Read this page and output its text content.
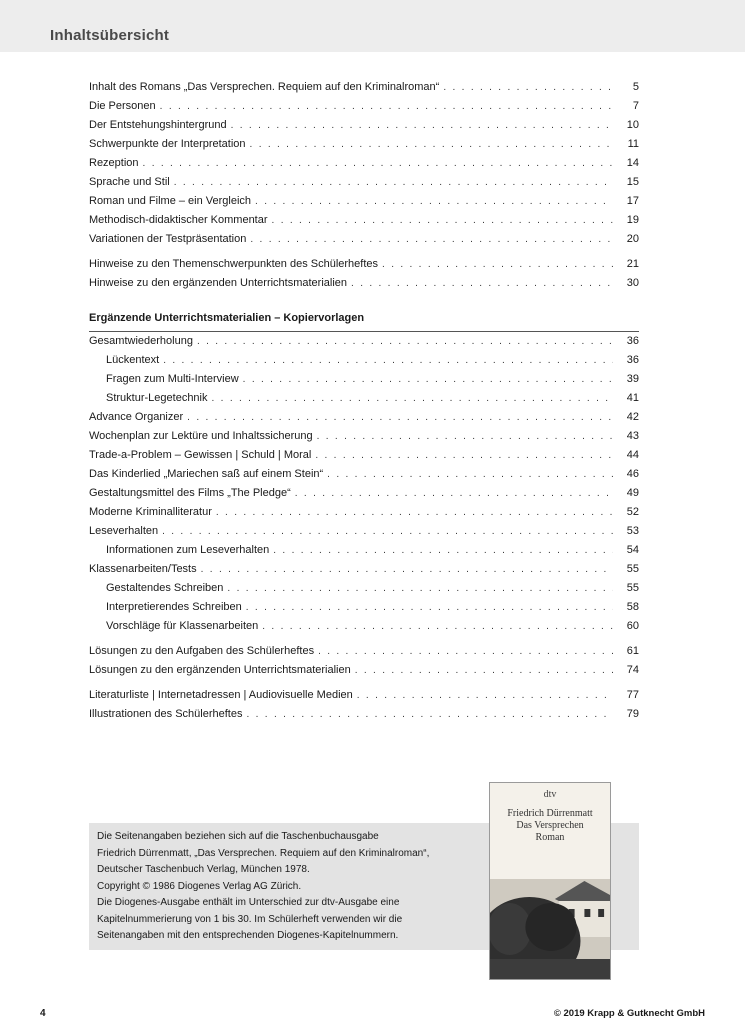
Inhaltsübersicht
Inhalt des Romans „Das Versprechen. Requiem auf den Kriminalroman“ . . .	5
Die Personen . . .	7
Der Entstehungshintergrund . . .	10
Schwerpunkte der Interpretation . . .	11
Rezeption . . .	14
Sprache und Stil . . .	15
Roman und Filme – ein Vergleich . . .	17
Methodisch-didaktischer Kommentar . . .	19
Variationen der Testpräsentation . . .	20
Hinweise zu den Themenschwerpunkten des Schülerheftes . . .	21
Hinweise zu den ergänzenden Unterrichtsmaterialien . . .	30
Ergänzende Unterrichtsmaterialien – Kopiervorlagen
Gesamtwiederholung . . .	36
Lückentext . . .	36
Fragen zum Multi-Interview . . .	39
Struktur-Legetechnik . . .	41
Advance Organizer . . .	42
Wochenplan zur Lektüre und Inhaltssicherung . . .	43
Trade-a-Problem – Gewissen | Schuld | Moral . . .	44
Das Kinderlied „Mariechen saß auf einem Stein“ . . .	46
Gestaltungsmittel des Films „The Pledge“ . . .	49
Moderne Kriminalliteratur . . .	52
Leseverhalten . . .	53
Informationen zum Leseverhalten . . .	54
Klassenarbeiten/Tests . . .	55
Gestaltendes Schreiben . . .	55
Interpretierendes Schreiben . . .	58
Vorschläge für Klassenarbeiten . . .	60
Lösungen zu den Aufgaben des Schülerheftes . . .	61
Lösungen zu den ergänzenden Unterrichtsmaterialien . . .	74
Literaturliste | Internetadressen | Audiovisuelle Medien . . .	77
Illustrationen des Schülerheftes . . .	79
Die Seitenangaben beziehen sich auf die Taschenbuchausgabe
Friedrich Dürrenmatt, „Das Versprechen. Requiem auf den Kriminalroman“,
Deutscher Taschenbuch Verlag, München 1978.
Copyright © 1986 Diogenes Verlag AG Zürich.
Die Diogenes-Ausgabe enthält im Unterschied zur dtv-Ausgabe eine
Kapitelnummerierung von 1 bis 30. Im Schülerheft verwenden wir die
Seitenangaben mit den entsprechenden Diogenes-Kapitelnummern.
dtv
Friedrich Dürrenmatt
Das Versprechen
Roman
4	© 2019 Krapp & Gutknecht GmbH
